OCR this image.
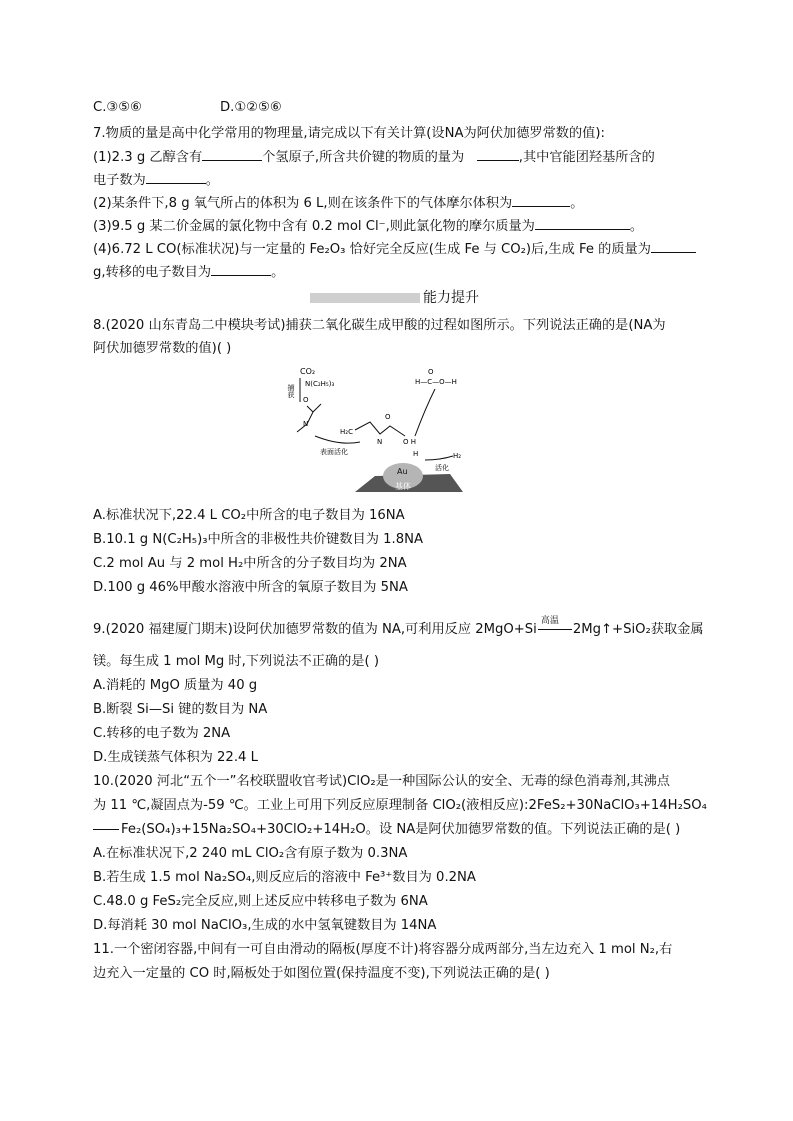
C.③⑤⑥	D.①②⑤⑥
7.物质的量是高中化学常用的物理量,请完成以下有关计算(设NA为阿伏加德罗常数的值):
(1)2.3 g 乙醇含有	个氢原子,所含共价键的物质的量为	,其中官能团羟基所含的
电子数为	。
(2)某条件下,8 g 氧气所占的体积为 6 L,则在该条件下的气体摩尔体积为	。
(3)9.5 g 某二价金属的氯化物中含有 0.2 mol Cl⁻,则此氯化物的摩尔质量为	。
(4)6.72 L CO(标准状况)与一定量的 Fe₂O₃ 恰好完全反应(生成 Fe 与 CO₂)后,生成 Fe 的质量为
g,转移的电子数目为	。
能力提升
8.(2020 山东青岛二中模块考试)捕获二氧化碳生成甲酸的过程如图所示。下列说法正确的是(NA为
阿伏加德罗常数的值)( )
Au
基体
CO₂
N(C₂H₅)₃
捕获
O
N
表面活化
H₂C
N
O
O H
H
H—C—O—H
O
H₂
活化
A.标准状况下,22.4 L CO₂中所含的电子数目为 16NA
B.10.1 g N(C₂H₅)₃中所含的非极性共价键数目为 1.8NA
C.2 mol Au 与 2 mol H₂中所含的分子数目均为 2NA
D.100 g 46%甲酸水溶液中所含的氧原子数目为 5NA
9.(2020 福建厦门期末)设阿伏加德罗常数的值为 NA,可利用反应 2MgO+Si
高温
2Mg↑+SiO₂获取金属
镁。每生成 1 mol Mg 时,下列说法不正确的是( )
A.消耗的 MgO 质量为 40 g
B.断裂 Si—Si 键的数目为 NA
C.转移的电子数为 2NA
D.生成镁蒸气体积为 22.4 L
10.(2020 河北“五个一”名校联盟收官考试)ClO₂是一种国际公认的安全、无毒的绿色消毒剂,其沸点
为 11 ℃,凝固点为-59 ℃。工业上可用下列反应原理制备 ClO₂(液相反应):2FeS₂+30NaClO₃+14H₂SO₄
Fe₂(SO₄)₃+15Na₂SO₄+30ClO₂+14H₂O。设 NA是阿伏加德罗常数的值。下列说法正确的是( )
A.在标准状况下,2 240 mL ClO₂含有原子数为 0.3NA
B.若生成 1.5 mol Na₂SO₄,则反应后的溶液中 Fe³⁺数目为 0.2NA
C.48.0 g FeS₂完全反应,则上述反应中转移电子数为 6NA
D.每消耗 30 mol NaClO₃,生成的水中氢氧键数目为 14NA
11.一个密闭容器,中间有一可自由滑动的隔板(厚度不计)将容器分成两部分,当左边充入 1 mol N₂,右
边充入一定量的 CO 时,隔板处于如图位置(保持温度不变),下列说法正确的是( )
